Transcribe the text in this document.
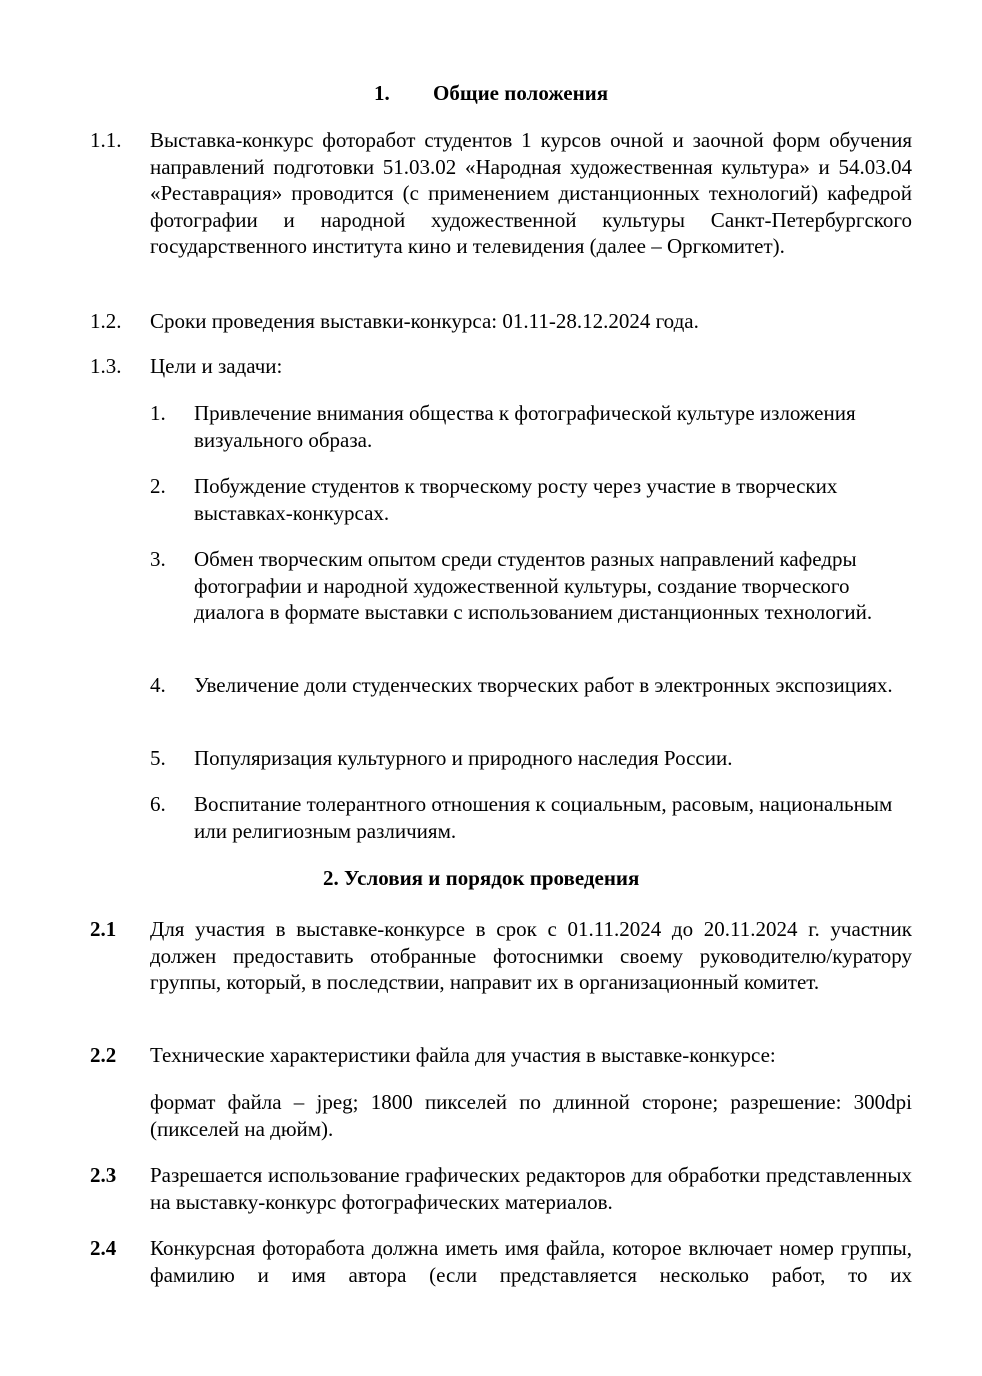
1. Общие положения
1.1. Выставка-конкурс фоторабот студентов 1 курсов очной и заочной форм обучения направлений подготовки 51.03.02 «Народная художественная культура» и 54.03.04 «Реставрация» проводится (с применением дистанционных технологий) кафедрой фотографии и народной художественной культуры Санкт-Петербургского государственного института кино и телевидения (далее – Оргкомитет).
1.2. Сроки проведения выставки-конкурса: 01.11-28.12.2024 года.
1.3. Цели и задачи:
1. Привлечение внимания общества к фотографической культуре изложения визуального образа.
2. Побуждение студентов к творческому росту через участие в творческих выставках-конкурсах.
3. Обмен творческим опытом среди студентов разных направлений кафедры фотографии и народной художественной культуры, создание творческого диалога в формате выставки с использованием дистанционных технологий.
4. Увеличение доли студенческих творческих работ в электронных экспозициях.
5. Популяризация культурного и природного наследия России.
6. Воспитание толерантного отношения к социальным, расовым, национальным или религиозным различиям.
2. Условия и порядок проведения
2.1 Для участия в выставке-конкурсе в срок с 01.11.2024 до 20.11.2024 г. участник должен предоставить отобранные фотоснимки своему руководителю/куратору группы, который, в последствии, направит их в организационный комитет.
2.2 Технические характеристики файла для участия в выставке-конкурсе:
формат файла – jpeg; 1800 пикселей по длинной стороне; разрешение: 300dpi (пикселей на дюйм).
2.3 Разрешается использование графических редакторов для обработки представленных на выставку-конкурс фотографических материалов.
2.4 Конкурсная фоторабота должна иметь имя файла, которое включает номер группы, фамилию и имя автора (если представляется несколько работ, то их
